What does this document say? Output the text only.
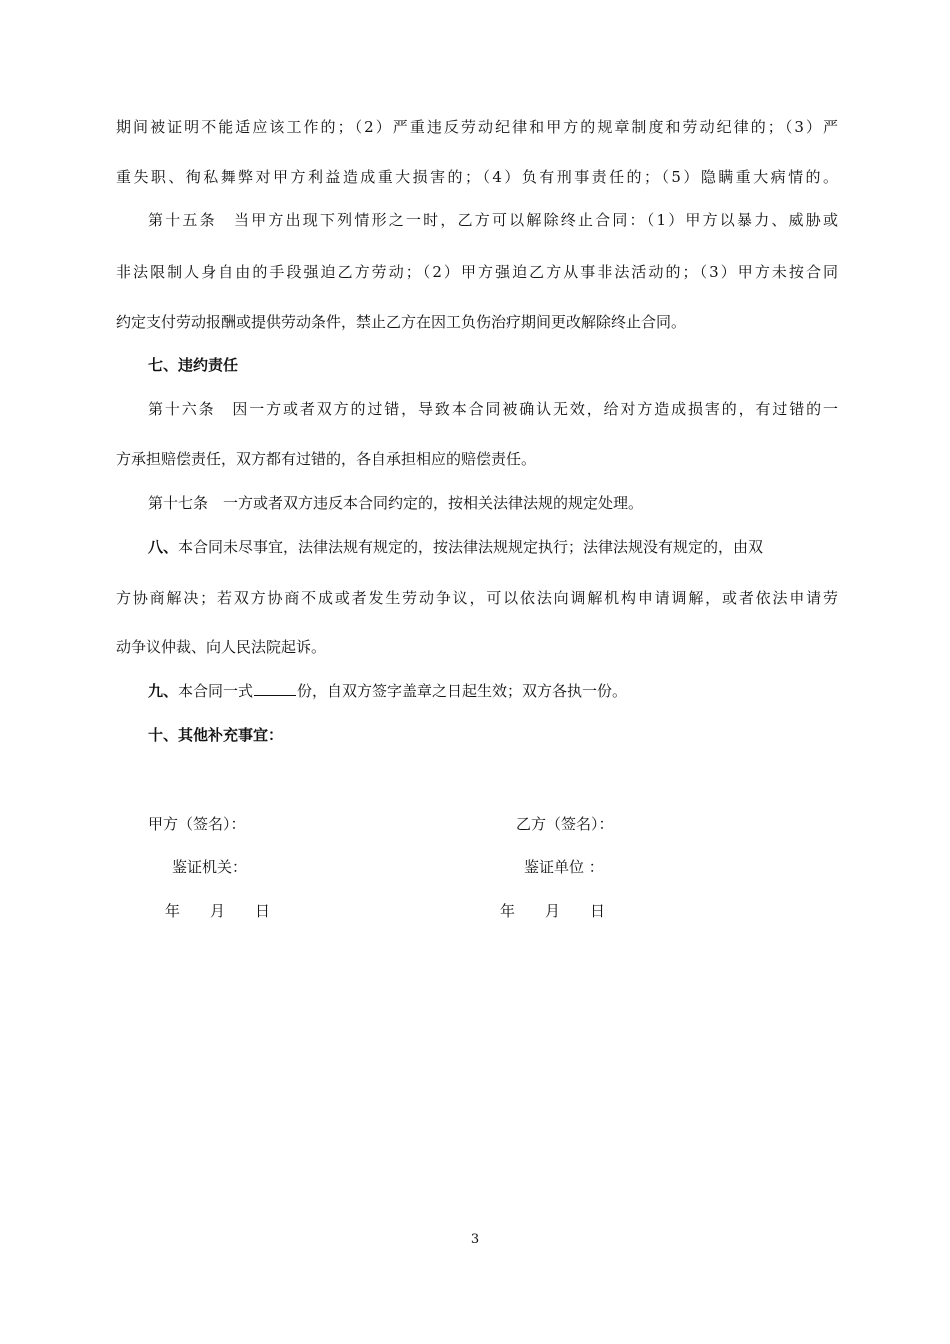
期间被证明不能适应该工作的；（2）严重违反劳动纪律和甲方的规章制度和劳动纪律的；（3）严
重失职、徇私舞弊对甲方利益造成重大损害的；（4）负有刑事责任的；（5）隐瞒重大病情的。
第十五条　当甲方出现下列情形之一时，乙方可以解除终止合同：（1）甲方以暴力、威胁或
非法限制人身自由的手段强迫乙方劳动；（2）甲方强迫乙方从事非法活动的；（3）甲方未按合同
约定支付劳动报酬或提供劳动条件，禁止乙方在因工负伤治疗期间更改解除终止合同。
七、违约责任
第十六条　因一方或者双方的过错，导致本合同被确认无效，给对方造成损害的，有过错的一
方承担赔偿责任，双方都有过错的，各自承担相应的赔偿责任。
第十七条　一方或者双方违反本合同约定的，按相关法律法规的规定处理。
八、本合同未尽事宜，法律法规有规定的，按法律法规规定执行；法律法规没有规定的，由双
方协商解决；若双方协商不成或者发生劳动争议，可以依法向调解机构申请调解，或者依法申请劳
动争议仲裁、向人民法院起诉。
九、本合同一式	份，自双方签字盖章之日起生效；双方各执一份。
十、其他补充事宜：
甲方（签名）：	乙方（签名）：
鉴证机关：	鉴证单位 ：
年　　月　　日	年　　月　　日
3
